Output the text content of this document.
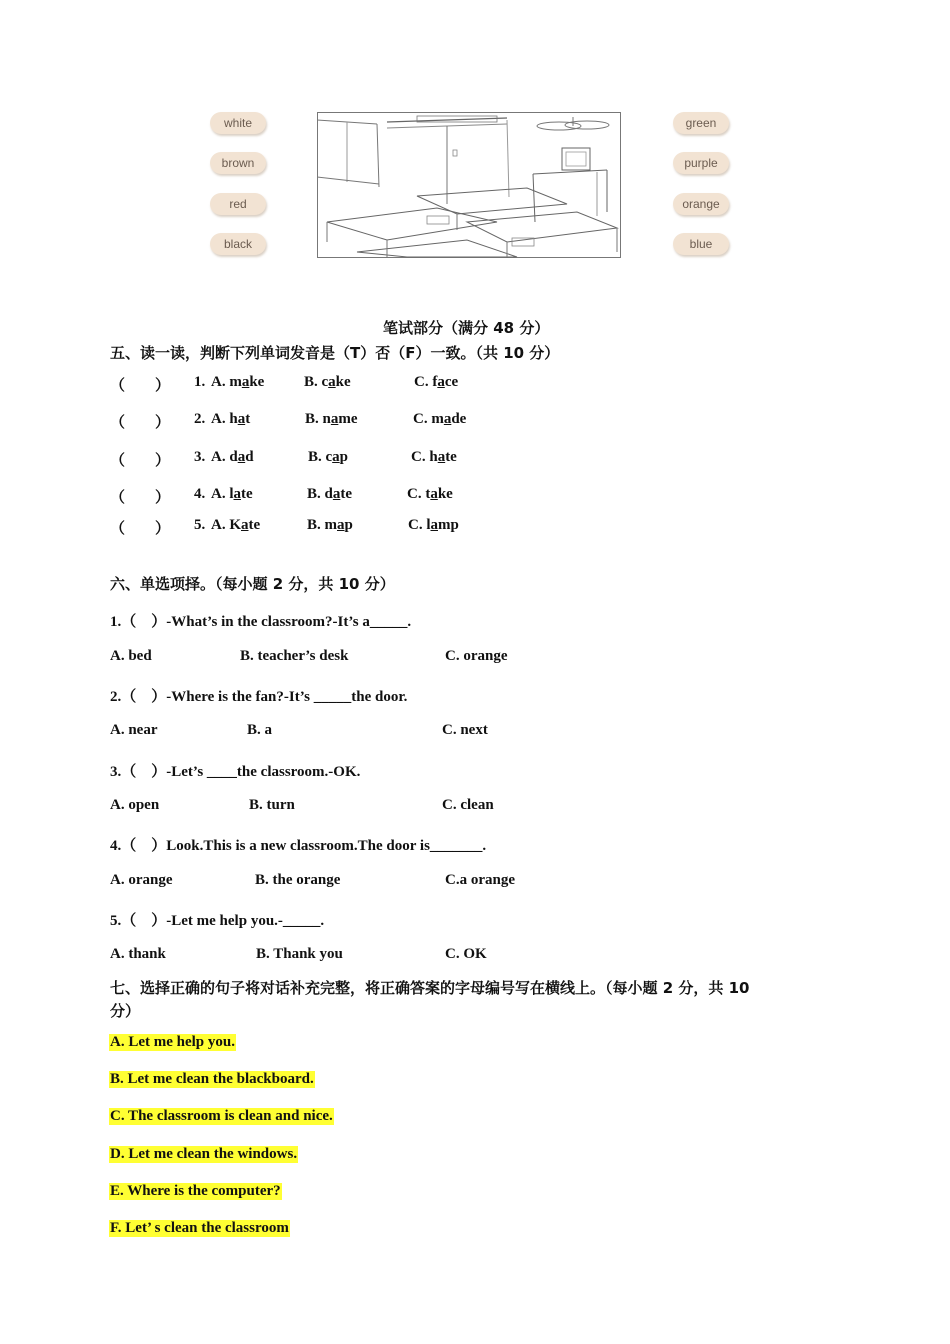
white
brown
red
black
green
purple
orange
blue
笔试部分（满分 48 分）
五、读一读，判断下列单词发音是（T）否（F）一致。（共 10 分）
（　　） 1. A. make	B. cake	C. face
（　　） 2. A. hat	B. name	C. made
（　　） 3. A. dad	B. cap	C. hate
（　　） 4. A. late	B. date	C. take
（　　） 5. A. Kate	B. map	C. lamp
六、单选项择。（每小题 2 分，共 10 分）
1.（　）-What’s in the classroom?-It’s a_____.
A. bed	B. teacher’s desk	C. orange
2.（　）-Where is the fan?-It’s _____the door.
A. near	B. a	C. next
3.（　）-Let’s ____the classroom.-OK.
A. open	B. turn	C. clean
4.（　）Look.This is a new classroom.The door is_______.
A. orange	B. the orange	C.a orange
5.（　）-Let me help you.-_____.
A. thank	B. Thank you	C. OK
七、选择正确的句子将对话补充完整，将正确答案的字母编号写在横线上。（每小题 2 分，共 10
分）
A. Let me help you.
B. Let me clean the blackboard.
C. The classroom is clean and nice.
D. Let me clean the windows.
E. Where is the computer?
F. Let’ s clean the classroom
